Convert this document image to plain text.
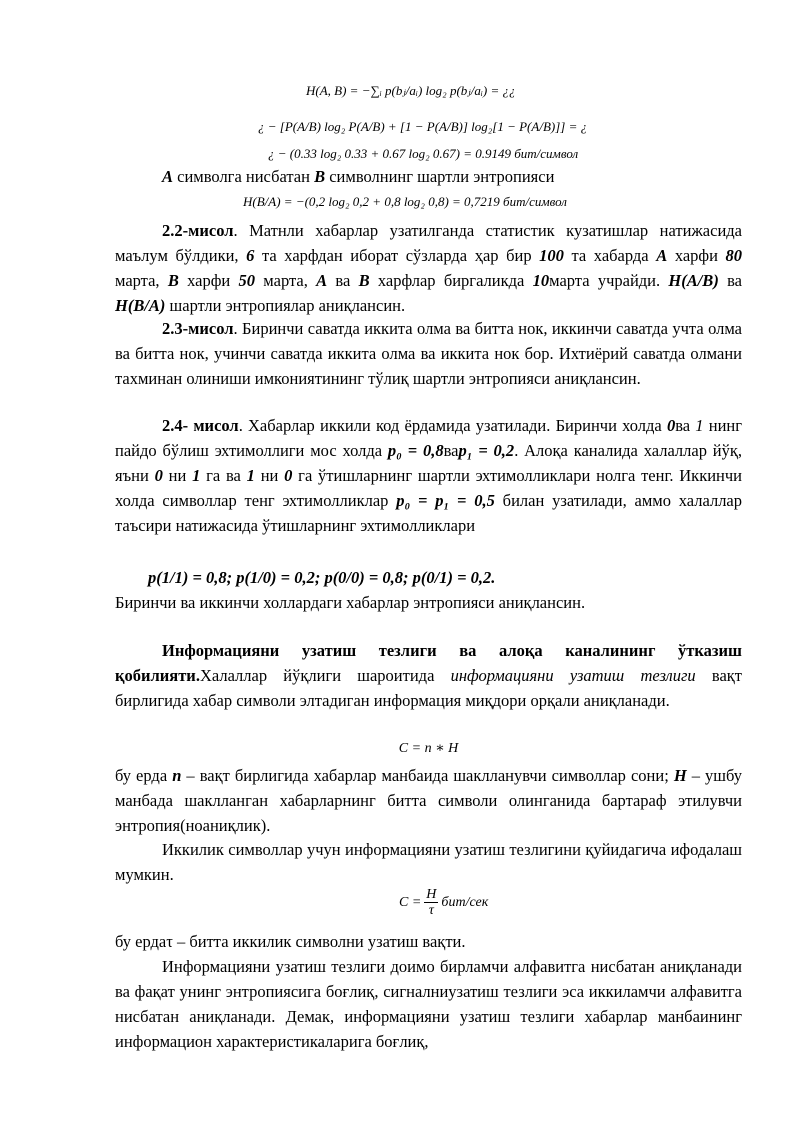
H(A, B) = −∑ᵢ p(bⱼ/aᵢ) log₂ p(bⱼ/aᵢ) = ¿¿
¿ − [P(A/B) log₂ P(A/B) + [1 − P(A/B)] log₂[1 − P(A/B)]] = ¿
¿ − (0.33 log₂ 0.33 + 0.67 log₂ 0.67) = 0.9149 бит/символ
A символга нисбатан B символнинг шартли энтропияси
H(B/A) = −(0,2 log₂ 0,2 + 0,8 log₂ 0,8) = 0,7219 бит/символ
2.2-мисол. Матнли хабарлар узатилганда статистик кузатишлар натижасида маълум бўлдики, 6 та харфдан иборат сўзларда ҳар бир 100 та хабарда А харфи 80 марта, В харфи 50 марта, А ва В харфлар биргаликда 10марта учрайди. H(A/B) ва H(B/A) шартли энтропиялар аниқлансин.
2.3-мисол. Биринчи саватда иккита олма ва битта нок, иккинчи саватда учта олма ва битта нок, учинчи саватда иккита олма ва иккита нок бор. Ихтиёрий саватда олмани тахминан олиниши имкониятининг тўлиқ шартли энтропияси аниқлансин.
2.4- мисол. Хабарлар иккили код ёрдамида узатилади. Биринчи холда 0ва 1 нинг пайдо бўлиш эхтимоллиги мос холда p₀ = 0,8ваp₁ = 0,2. Алоқа каналида халаллар йўқ, яъни 0 ни 1 га ва 1 ни 0 га ўтишларнинг шартли эхтимолликлари нолга тенг. Иккинчи холда символлар тенг эхтимолликлар p₀ = p₁ = 0,5 билан узатилади, аммо халаллар таъсири натижасида ўтишларнинг эхтимолликлари
p(1/1) = 0,8; p(1/0) = 0,2; p(0/0) = 0,8; p(0/1) = 0,2.
Биринчи ва иккинчи холлардаги хабарлар энтропияси аниқлансин.
Информацияни узатиш тезлиги ва алоқа каналининг ўтказиш қобилияти.Халаллар йўқлиги шароитида информацияни узатиш тезлиги вақт бирлигида хабар символи элтадиган информация миқдори орқали аниқланади.
C = n ∗ H
бу ерда n – вақт бирлигида хабарлар манбаида шаклланувчи символлар сони; H – ушбу манбада шаклланган хабарларнинг битта символи олинганида бартараф этилувчи энтропия(ноаниқлик).
Иккилик символлар учун информацияни узатиш тезлигини қуйидагича ифодалаш мумкин.
$C = \frac{H}{\tau} бит/сек$
бу ердаτ – битта иккилик символни узатиш вақти.
Информацияни узатиш тезлиги доимо бирламчи алфавитга нисбатан аниқланади ва фақат унинг энтропиясига боғлиқ, сигналниузатиш тезлиги эса иккиламчи алфавитга нисбатан аниқланади. Демак, информацияни узатиш тезлиги хабарлар манбаининг информацион характеристикаларига боғлиқ,
